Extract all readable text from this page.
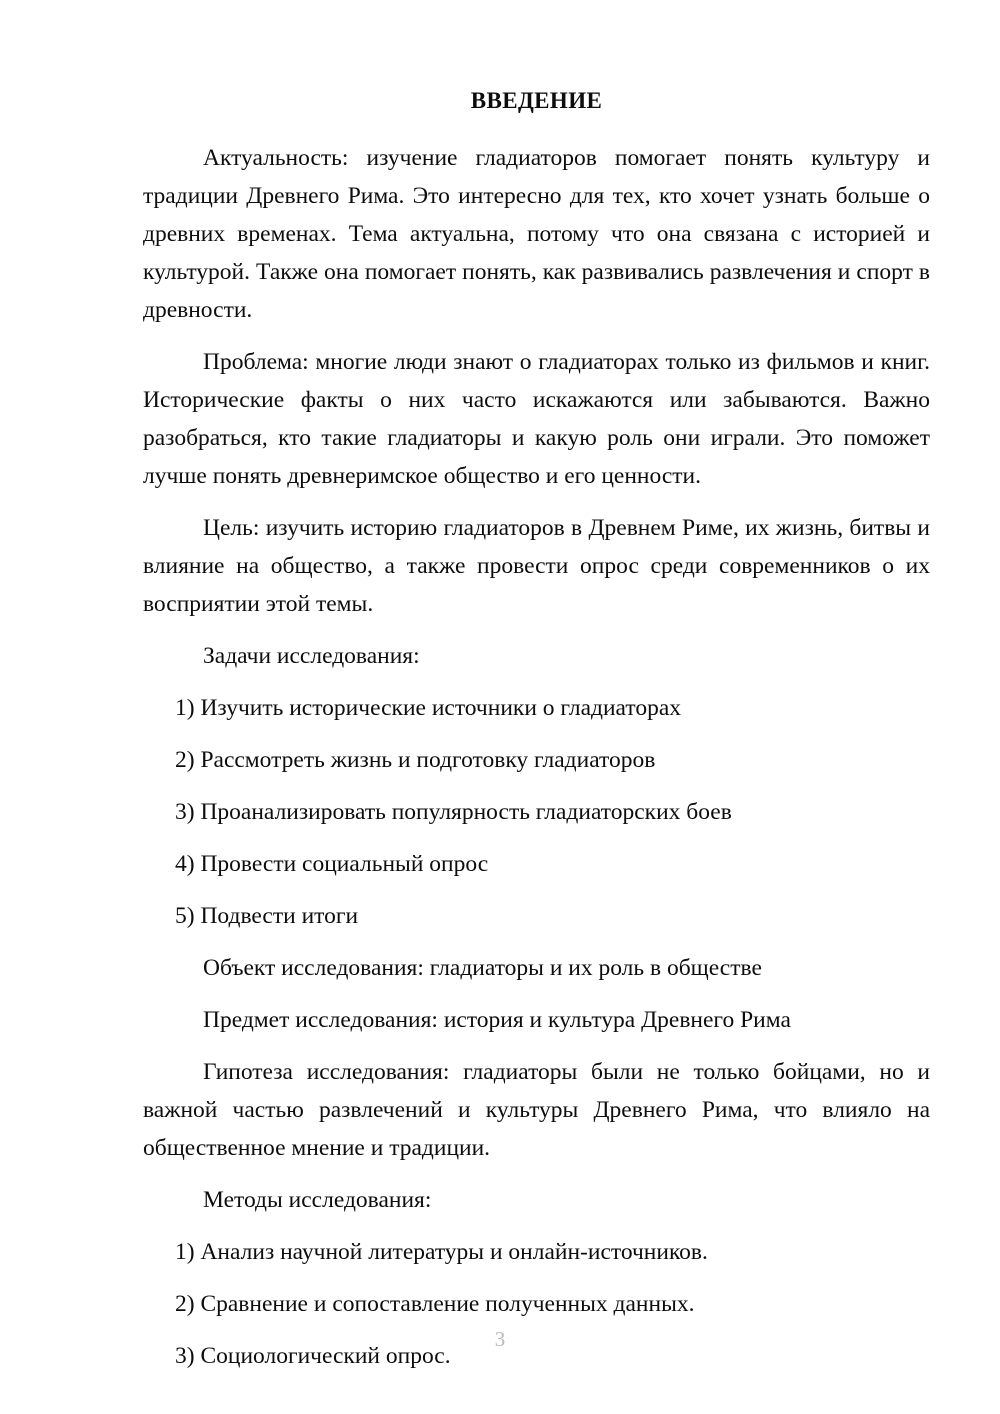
ВВЕДЕНИЕ

Актуальность: изучение гладиаторов помогает понять культуру и традиции Древнего Рима. Это интересно для тех, кто хочет узнать больше о древних временах. Тема актуальна, потому что она связана с историей и культурой. Также она помогает понять, как развивались развлечения и спорт в древности.

Проблема: многие люди знают о гладиаторах только из фильмов и книг. Исторические факты о них часто искажаются или забываются. Важно разобраться, кто такие гладиаторы и какую роль они играли. Это поможет лучше понять древнеримское общество и его ценности.

Цель: изучить историю гладиаторов в Древнем Риме, их жизнь, битвы и влияние на общество, а также провести опрос среди современников о их восприятии этой темы.

Задачи исследования:

1) Изучить исторические источники о гладиаторах
2) Рассмотреть жизнь и подготовку гладиаторов
3) Проанализировать популярность гладиаторских боев
4) Провести социальный опрос
5) Подвести итоги

Объект исследования: гладиаторы и их роль в обществе

Предмет исследования: история и культура Древнего Рима

Гипотеза исследования: гладиаторы были не только бойцами, но и важной частью развлечений и культуры Древнего Рима, что влияло на общественное мнение и традиции.

Методы исследования:

1) Анализ научной литературы и онлайн-источников.
2) Сравнение и сопоставление полученных данных.
3) Социологический опрос.
3
